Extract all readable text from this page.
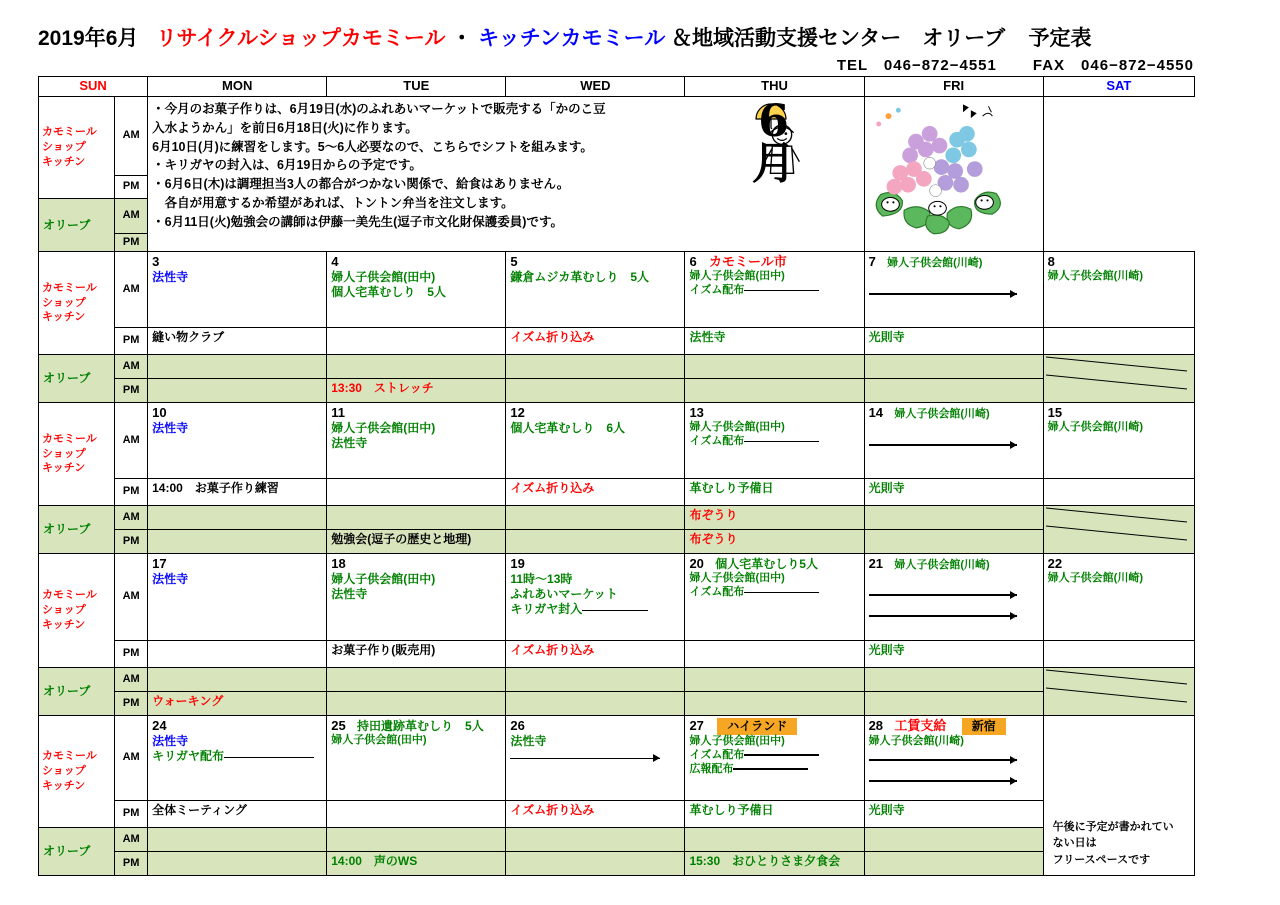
2019年6月 リサイクルショップカモミール ・ キッチンカモミール ＆地域活動支援センター　オリーブ 予定表
TEL　046−872−4551 FAX　046−872−4550
SUN		MON	TUE	WED	THU	FRI	SAT

カモミール
ショップ
キッチン
	AM	
・今月のお菓子作りは、6月19日(水)のふれあいマーケットで販売する「かのこ豆
入水ようかん」を前日6月18日(火)に作ります。
6月10日(月)に練習をします。5〜6人必要なので、こちらでシフトを組みます。
・キリガヤの封入は、6月19日からの予定です。
・6月6日(木)は調理担当3人の都合がつかない関係で、給食はありません。
　各自が用意するか希望があれば、トントン弁当を注文します。
・6月11日(火)勉強会の講師は伊藤一美先生(逗子市文化財保護委員)です。
6
月

	PM						
オリーブ	AM						
	PM						

カモミール
ショップ
キッチン
	AM	3
法性寺
	4
婦人子供会館(田中)
個人宅革むしり　5人
	5
鎌倉ムジカ革むしり　5人
	6 カモミール市
婦人子供会館(田中)
イズム配布
	7 婦人子供会館(川崎)	8
婦人子供会館(川崎)

	PM	縫い物クラブ		イズム折り込み	法性寺	光則寺	
オリーブ	AM						

	PM		13:30　ストレッチ				

カモミール
ショップ
キッチン
	AM	10
法性寺
	11
婦人子供会館(田中)
法性寺
	12
個人宅革むしり　6人
	13
婦人子供会館(田中)
イズム配布
	14 婦人子供会館(川崎)	15
婦人子供会館(川崎)

	PM	14:00　お菓子作り練習		イズム折り込み	革むしり予備日	光則寺	
オリーブ	AM				布ぞうり		

	PM		勉強会(逗子の歴史と地理)		布ぞうり		

カモミール
ショップ
キッチン
	AM	17
法性寺
	18
婦人子供会館(田中)
法性寺
	19
11時〜13時
ふれあいマーケット
キリガヤ封入
	20 個人宅革むしり5人
婦人子供会館(田中)
イズム配布
	21 婦人子供会館(川崎)	22
婦人子供会館(川崎)

	PM		お菓子作り(販売用)	イズム折り込み		光則寺	
オリーブ	AM						

	PM	ウォーキング					

カモミール
ショップ
キッチン
	AM	24
法性寺
キリガヤ配布
	25 持田遺跡革むしり　5人
婦人子供会館(田中)
	26
法性寺
	27 ハイランド
婦人子供会館(田中)
イズム配布
広報配布
	28 工賃支給 新宿
婦人子供会館(川崎)

午後に予定が書かれてい
ない日は
フリースペースです

	PM	全体ミーティング		イズム折り込み	革むしり予備日	光則寺	
オリーブ	AM						
	PM		14:00　声のWS		15:30　おひとりさま夕食会		
